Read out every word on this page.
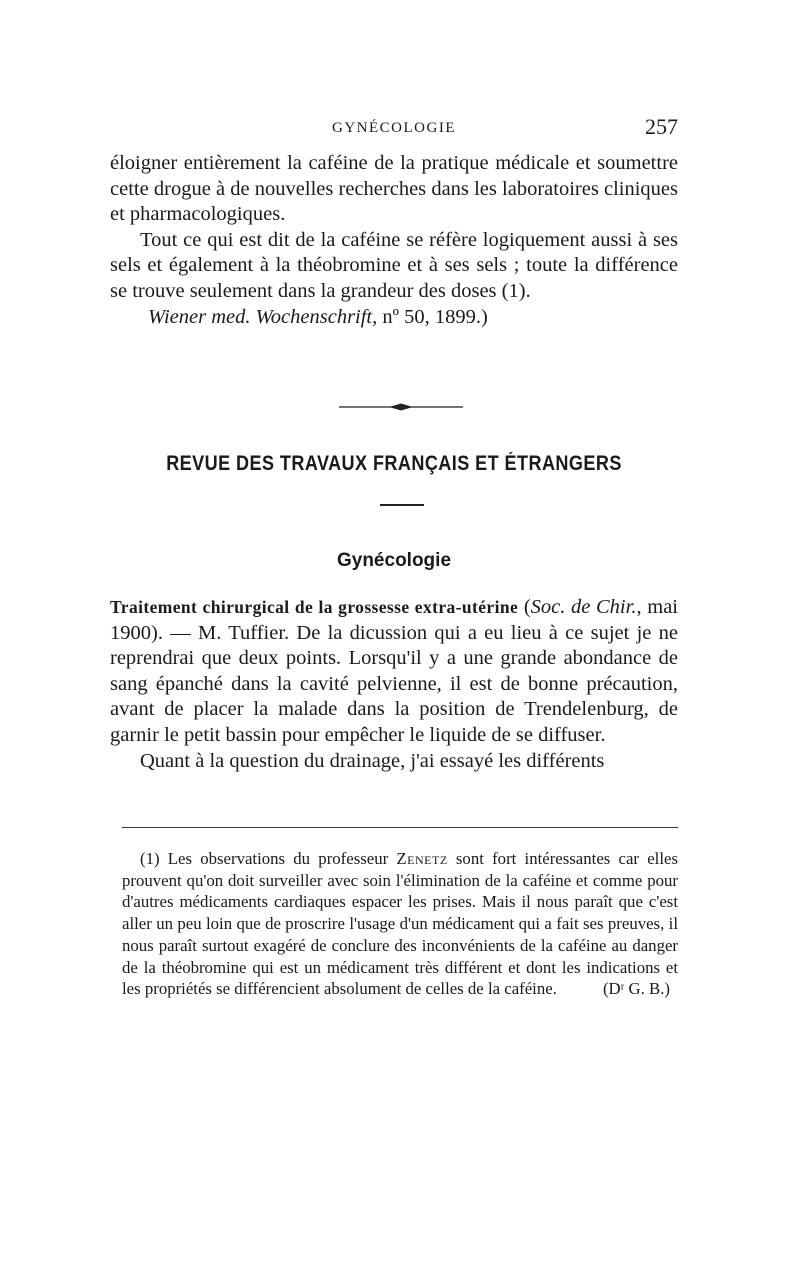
GYNÉCOLOGIE	257

éloigner entièrement la caféine de la pratique médicale et soumettre cette drogue à de nouvelles recherches dans les laboratoires cliniques et pharmacologiques.

Tout ce qui est dit de la caféine se réfère logiquement aussi à ses sels et également à la théobromine et à ses sels ; toute la différence se trouve seulement dans la grandeur des doses (1).

Wiener med. Wochenschrift, nº 50, 1899.)

REVUE DES TRAVAUX FRANÇAIS ET ÉTRANGERS
Gynécologie

Traitement chirurgical de la grossesse extra-utérine (Soc. de Chir., mai 1900). — M. Tuffier. De la dicussion qui a eu lieu à ce sujet je ne reprendrai que deux points. Lorsqu'il y a une grande abondance de sang épanché dans la cavité pelvienne, il est de bonne précaution, avant de placer la malade dans la position de Trendelenburg, de garnir le petit bassin pour empêcher le liquide de se diffuser.

Quant à la question du drainage, j'ai essayé les différents

(1) Les observations du professeur Zenetz sont fort intéressantes car elles prouvent qu'on doit surveiller avec soin l'élimination de la caféine et comme pour d'autres médicaments cardiaques espacer les prises. Mais il nous paraît que c'est aller un peu loin que de proscrire l'usage d'un médicament qui a fait ses preuves, il nous paraît surtout exagéré de conclure des inconvénients de la caféine au danger de la théobromine qui est un médicament très différent et dont les indications et les propriétés se différencient absolument de celles de la caféine.	(Dʳ G. B.)
